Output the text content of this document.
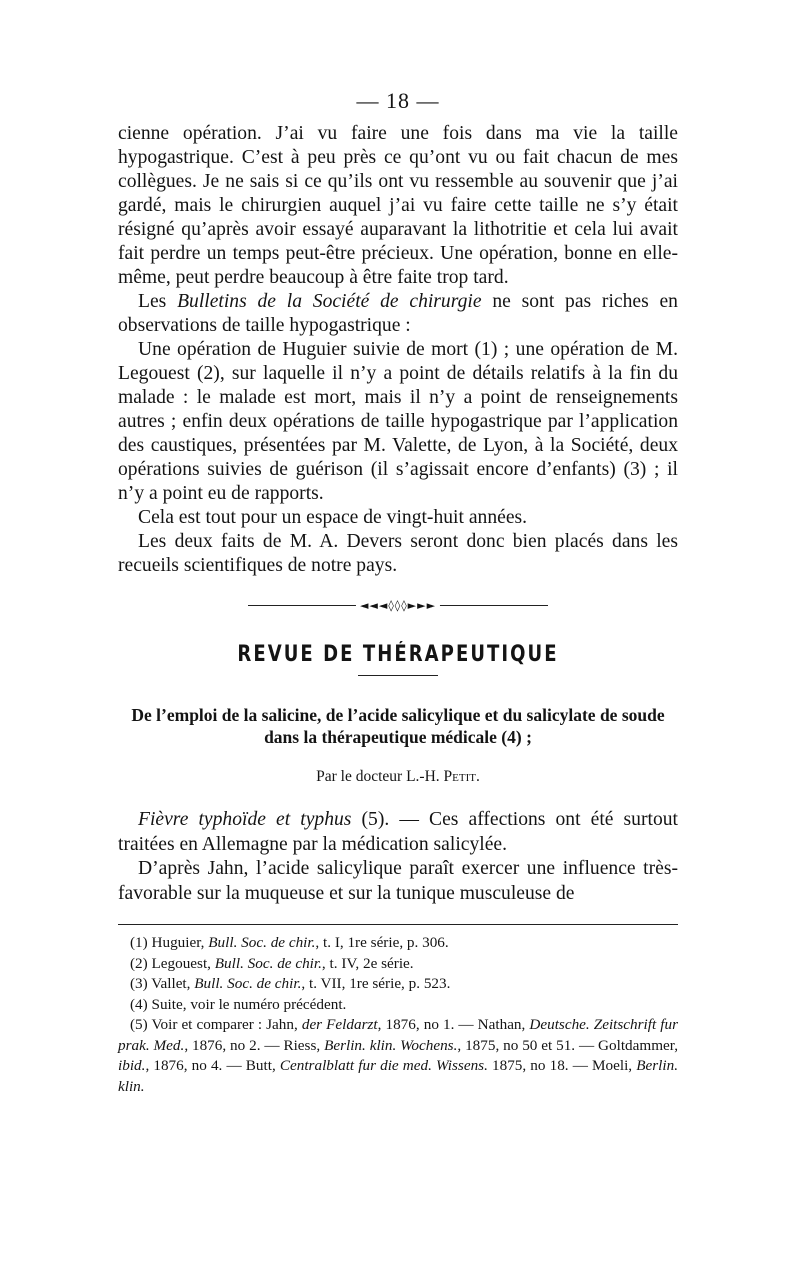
— 18 —

cienne opération. J’ai vu faire une fois dans ma vie la taille hypogastrique. C’est à peu près ce qu’ont vu ou fait chacun de mes collègues. Je ne sais si ce qu’ils ont vu ressemble au souvenir que j’ai gardé, mais le chirurgien auquel j’ai vu faire cette taille ne s’y était résigné qu’après avoir essayé auparavant la lithotritie et cela lui avait fait perdre un temps peut-être précieux. Une opération, bonne en elle-même, peut perdre beaucoup à être faite trop tard.

Les Bulletins de la Société de chirurgie ne sont pas riches en observations de taille hypogastrique :

Une opération de Huguier suivie de mort (1) ; une opération de M. Legouest (2), sur laquelle il n’y a point de détails relatifs à la fin du malade : le malade est mort, mais il n’y a point de renseignements autres ; enfin deux opérations de taille hypogastrique par l’application des caustiques, présentées par M. Valette, de Lyon, à la Société, deux opérations suivies de guérison (il s’agissait encore d’enfants) (3) ; il n’y a point eu de rapports.

Cela est tout pour un espace de vingt-huit années.

Les deux faits de M. A. Devers seront donc bien placés dans les recueils scientifiques de notre pays.

◄◄◄◊◊◊►►►
REVUE DE THÉRAPEUTIQUE
De l’emploi de la salicine, de l’acide salicylique et du salicylate de soude dans la thérapeutique médicale (4) ;
Par le docteur L.-H. Petit.

Fièvre typhoïde et typhus (5). — Ces affections ont été surtout traitées en Allemagne par la médication salicylée.

D’après Jahn, l’acide salicylique paraît exercer une influence très-favorable sur la muqueuse et sur la tunique musculeuse de

(1) Huguier, Bull. Soc. de chir., t. I, 1re série, p. 306.

(2) Legouest, Bull. Soc. de chir., t. IV, 2e série.

(3) Vallet, Bull. Soc. de chir., t. VII, 1re série, p. 523.

(4) Suite, voir le numéro précédent.

(5) Voir et comparer : Jahn, der Feldarzt, 1876, no 1. — Nathan, Deutsche. Zeitschrift fur prak. Med., 1876, no 2. — Riess, Berlin. klin. Wochens., 1875, no 50 et 51. — Goltdammer, ibid., 1876, no 4. — Butt, Centralblatt fur die med. Wissens. 1875, no 18. — Moeli, Berlin. klin.
